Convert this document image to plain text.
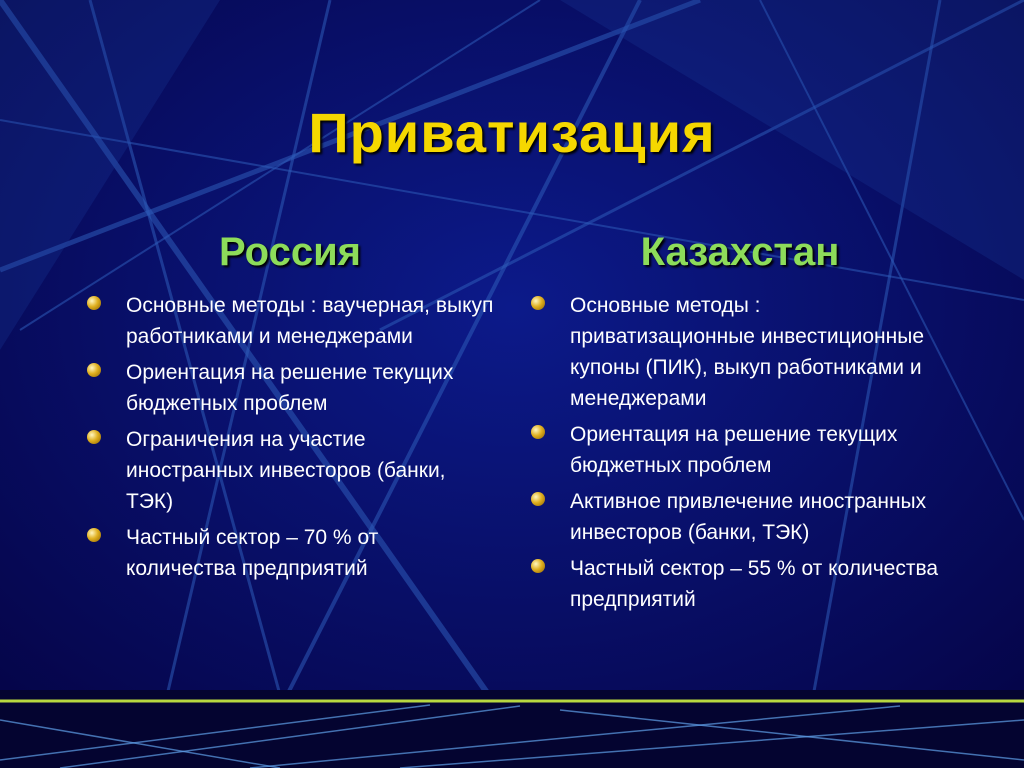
Приватизация
Россия	Казахстан
Основные методы : ваучерная, выкуп работниками и менеджерами
Ориентация на решение текущих бюджетных проблем
Ограничения на участие иностранных инвесторов (банки, ТЭК)
Частный сектор – 70 % от количества предприятий
Основные методы : приватизационные инвестиционные купоны (ПИК), выкуп работниками и менеджерами
Ориентация на решение текущих бюджетных проблем
Активное привлечение иностранных инвесторов (банки, ТЭК)
Частный сектор – 55 % от количества предприятий
